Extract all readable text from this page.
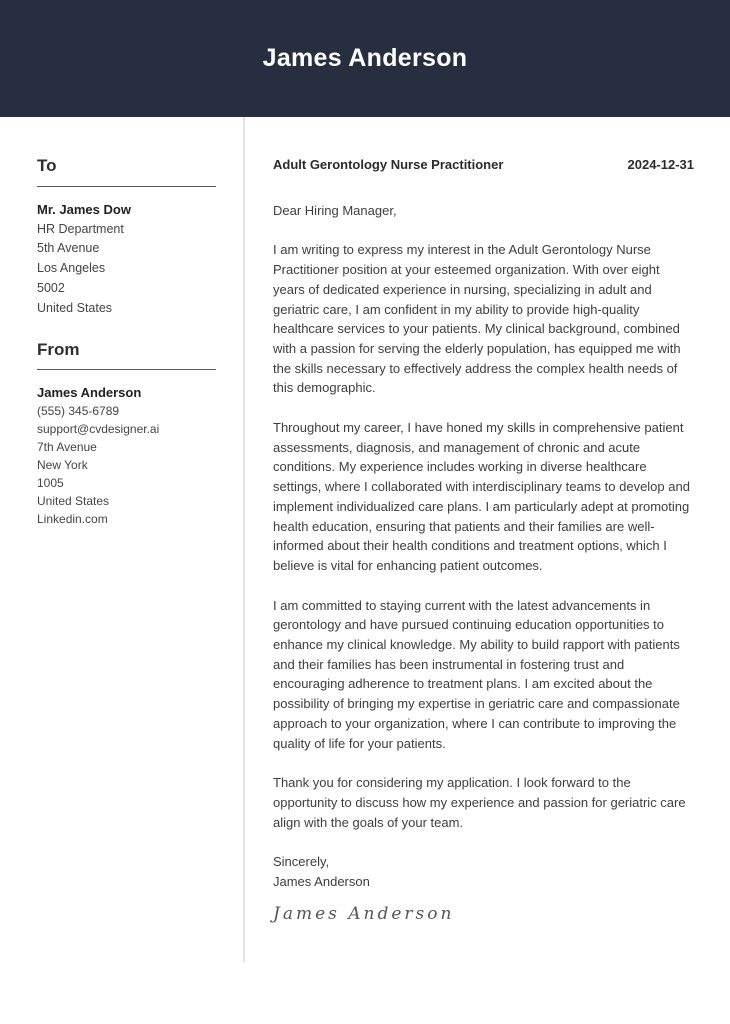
James Anderson
To
Mr. James Dow
HR Department
5th Avenue
Los Angeles
5002
United States
From
James Anderson
(555) 345-6789
support@cvdesigner.ai
7th Avenue
New York
1005
United States
Linkedin.com
Adult Gerontology Nurse Practitioner	2024-12-31

Dear Hiring Manager,

I am writing to express my interest in the Adult Gerontology Nurse Practitioner position at your esteemed organization. With over eight years of dedicated experience in nursing, specializing in adult and geriatric care, I am confident in my ability to provide high-quality healthcare services to your patients. My clinical background, combined with a passion for serving the elderly population, has equipped me with the skills necessary to effectively address the complex health needs of this demographic.

Throughout my career, I have honed my skills in comprehensive patient assessments, diagnosis, and management of chronic and acute conditions. My experience includes working in diverse healthcare settings, where I collaborated with interdisciplinary teams to develop and implement individualized care plans. I am particularly adept at promoting health education, ensuring that patients and their families are well-informed about their health conditions and treatment options, which I believe is vital for enhancing patient outcomes.

I am committed to staying current with the latest advancements in gerontology and have pursued continuing education opportunities to enhance my clinical knowledge. My ability to build rapport with patients and their families has been instrumental in fostering trust and encouraging adherence to treatment plans. I am excited about the possibility of bringing my expertise in geriatric care and compassionate approach to your organization, where I can contribute to improving the quality of life for your patients.

Thank you for considering my application. I look forward to the opportunity to discuss how my experience and passion for geriatric care align with the goals of your team.

Sincerely,
James Anderson
James Anderson
